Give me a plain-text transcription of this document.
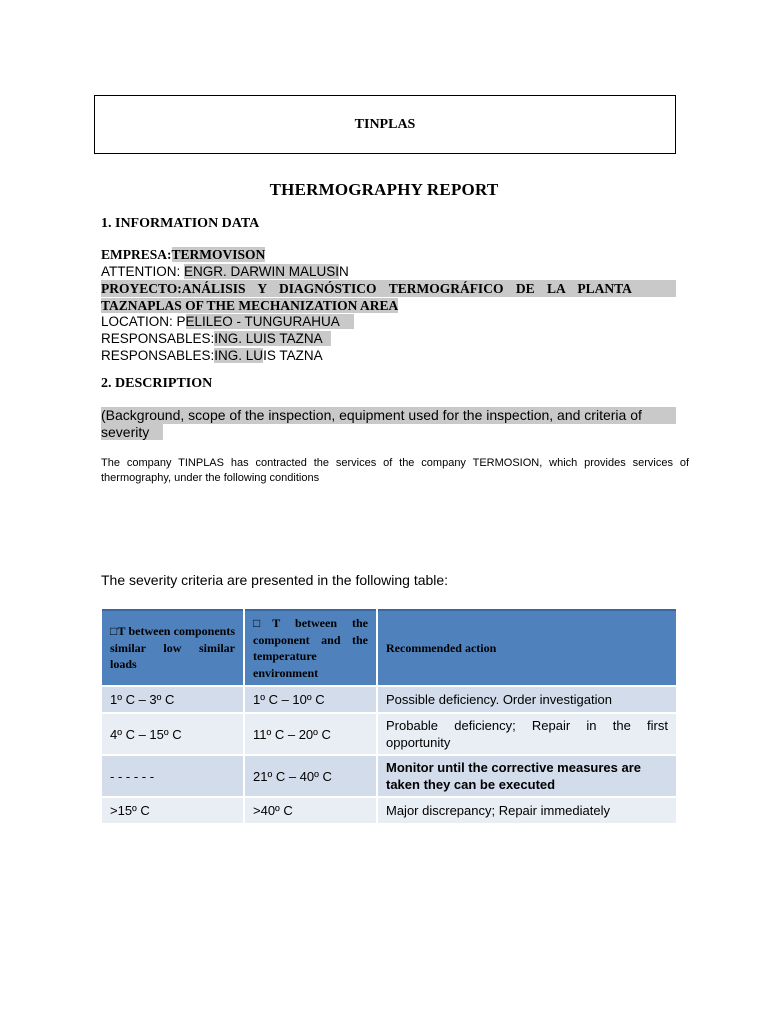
TINPLAS
THERMOGRAPHY REPORT
1. INFORMATION DATA
EMPRESA:TERMOVISON
ATTENTION: ENGR. DARWIN MALUSIN
PROYECTO:ANÁLISIS Y DIAGNÓSTICO TERMOGRÁFICO DE LA PLANTA
TAZNAPLAS OF THE MECHANIZATION AREA
LOCATION: PELILEO - TUNGURAHUA
RESPONSABLES:ING. LUIS TAZNA
RESPONSABLES:ING. LUIS TAZNA
2. DESCRIPTION
(Background, scope of the inspection, equipment used for the inspection, and criteria of
severity
The company TINPLAS has contracted the services of the company TERMOSION, which provides services of thermography, under the following conditions
The severity criteria are presented in the following table:
□T between components similar low similar loads	□T between the component and the temperature environment	Recommended action
1º C – 3º C	1º C – 10º C	Possible deficiency. Order investigation
4º C – 15º C	11º C – 20º C	Probable deficiency; Repair in the first opportunity
- - - - - -	21º C – 40º C	Monitor until the corrective measures are taken they can be executed
>15º C	>40º C	Major discrepancy; Repair immediately
